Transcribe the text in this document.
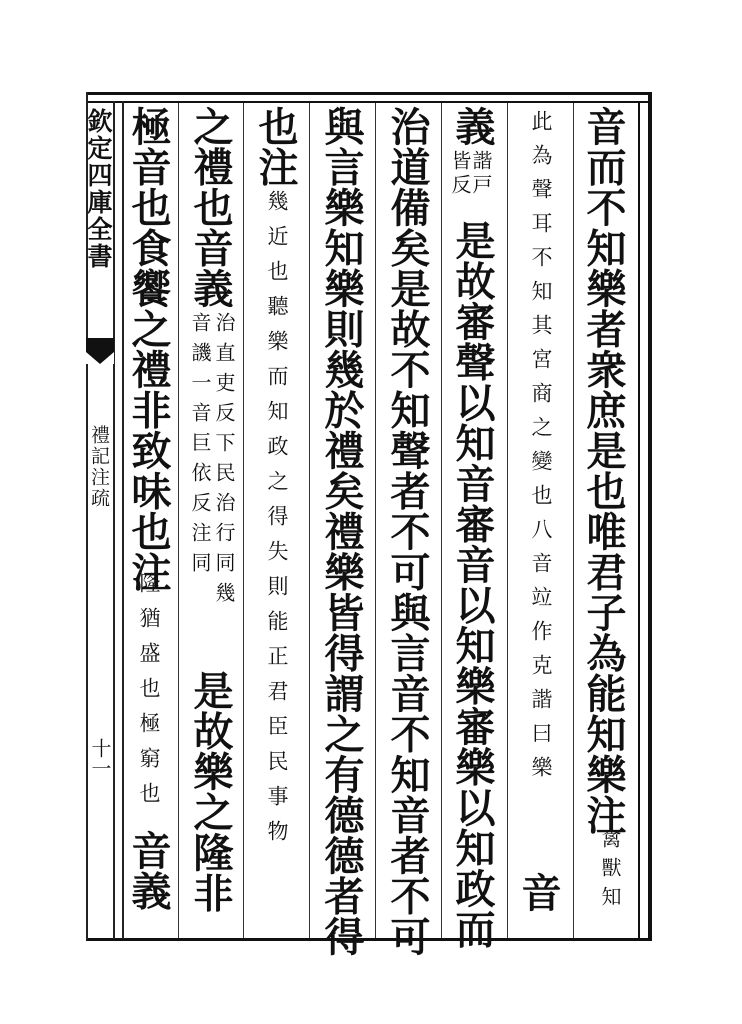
欽定四庫全書
禮記注疏
十一	音而不知樂者衆庶是也唯君子為能知樂注
禽獸知
此為聲耳不知其宮商之變也八音竝作克諧曰樂
音
義
諧戸
皆反
是故審聲以知音審音以知樂審樂以知政而
治道備矣是故不知聲者不可與言音不知音者不可
與言樂知樂則幾於禮矣禮樂皆得謂之有德德者得
也注
幾近也聽樂而知政之得失則能正君臣民事物
之禮也音義
治直吏反下民治行同幾
音譏一音巨依反注同
是故樂之隆非
極音也食饗之禮非致味也注
隆猶盛也極窮也
音義
